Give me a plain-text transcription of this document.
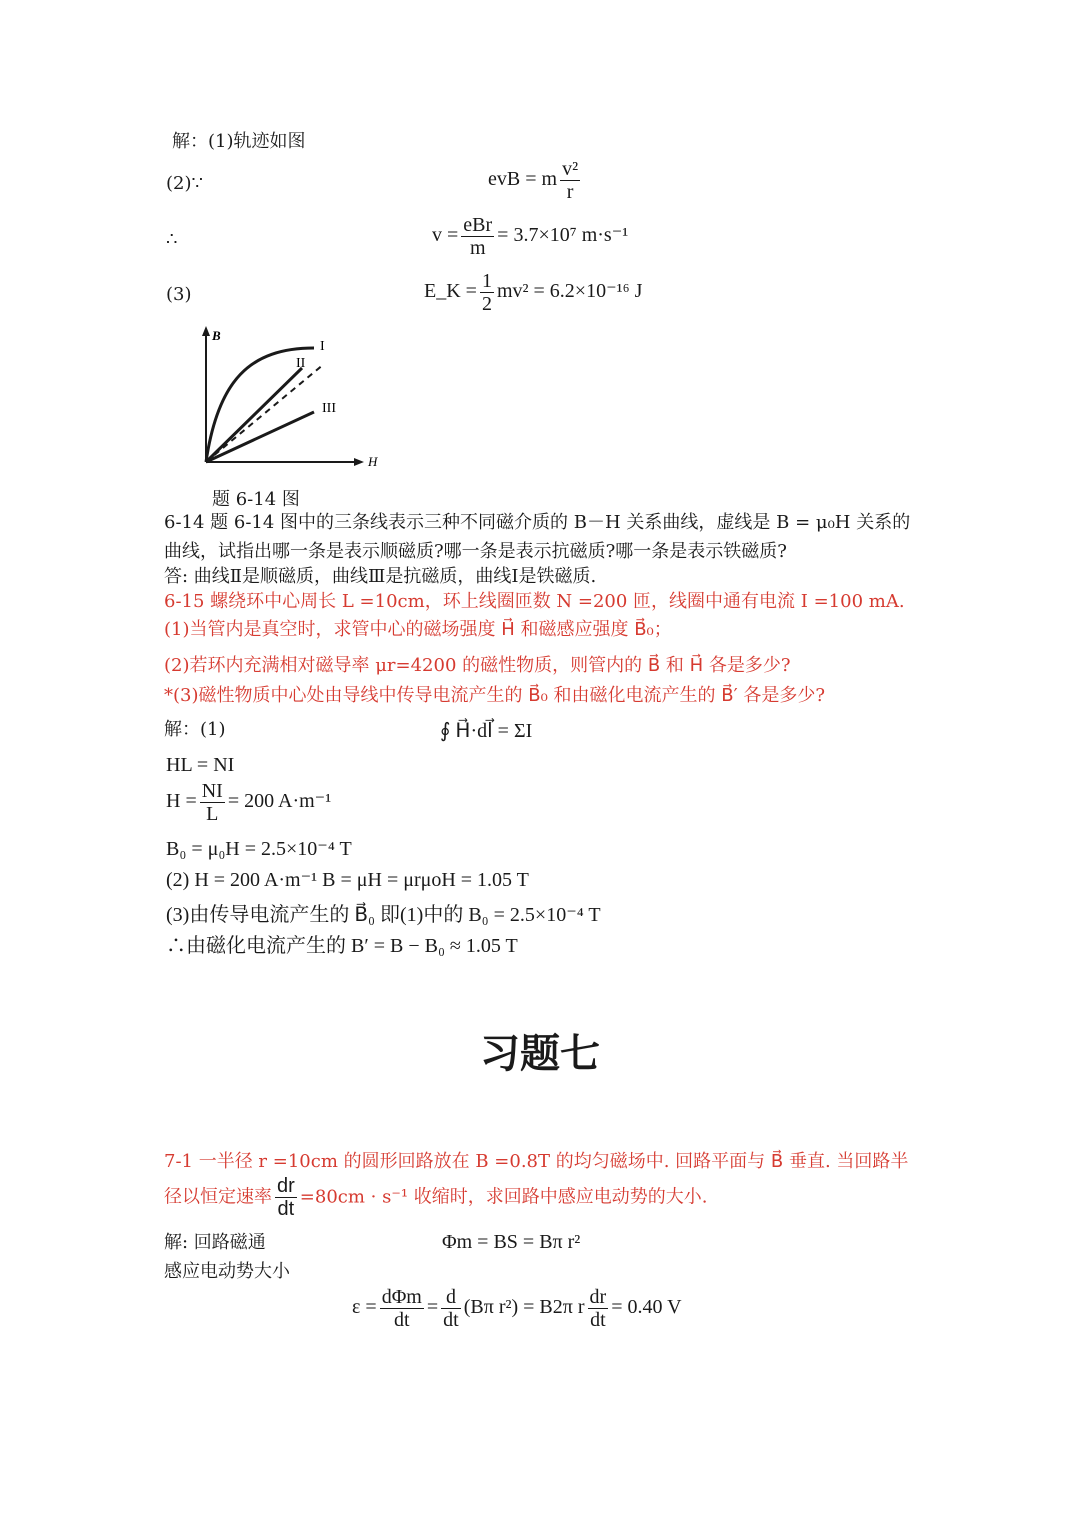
解：(1)轨迹如图
(2)∵	evB = m $\frac{\text{v²}}{r}$
∴	$v = \frac{\text{eBr}}{m} = 3.7\times 10^7$ m·s⁻¹
(3)	E_K = $\frac{1}{2} mv^2 = 6.2\times 10^{-16}$ J
B
H
I
II
III
题 6-14 图
6-14 题 6-14 图中的三条线表示三种不同磁介质的 B－H 关系曲线，虚线是 B = μ₀H 关系的
曲线，试指出哪一条是表示顺磁质?哪一条是表示抗磁质?哪一条是表示铁磁质?
答: 曲线Ⅱ是顺磁质，曲线Ⅲ是抗磁质，曲线Ⅰ是铁磁质.
6-15 螺绕环中心周长 L =10cm，环上线圈匝数 N =200 匝，线圈中通有电流 I =100 mA.
(1)当管内是真空时，求管中心的磁场强度 H⃗ 和磁感应强度 B⃗₀；
(2)若环内充满相对磁导率 μr=4200 的磁性物质，则管内的 B⃗ 和 H⃗ 各是多少?
*(3)磁性物质中心处由导线中传导电流产生的 B⃗₀ 和由磁化电流产生的 B⃗′ 各是多少?
解：(1)	∮ H⃗·dl⃗ = ΣI
HL = NI
$H = \frac{NI}{L} = 200$ A·m⁻¹
B₀ = μ₀H = 2.5×10⁻⁴ T
(2) H = 200 A·m⁻¹ B = μH = μrμoH = 1.05 T
(3)由传导电流产生的 B⃗₀ 即(1)中的 B₀ = 2.5×10⁻⁴ T
∴由磁化电流产生的 B′ = B − B₀ ≈ 1.05 T
习题七
7-1 一半径 r =10cm 的圆形回路放在 B =0.8T 的均匀磁场中. 回路平面与 B⃗ 垂直. 当回路半
径以恒定速率 $\frac{dr}{dt} =80cm \cdot s^{-1}$ 收缩时，求回路中感应电动势的大小.
解: 回路磁通	Φm = BS = Bπ r²
感应电动势大小
$\varepsilon = \frac{\text{dΦm}}{dt} = \frac{d}{dt} (B\pi$ r²) = B2π r $\frac{dr}{dt} = 0.40$ V
